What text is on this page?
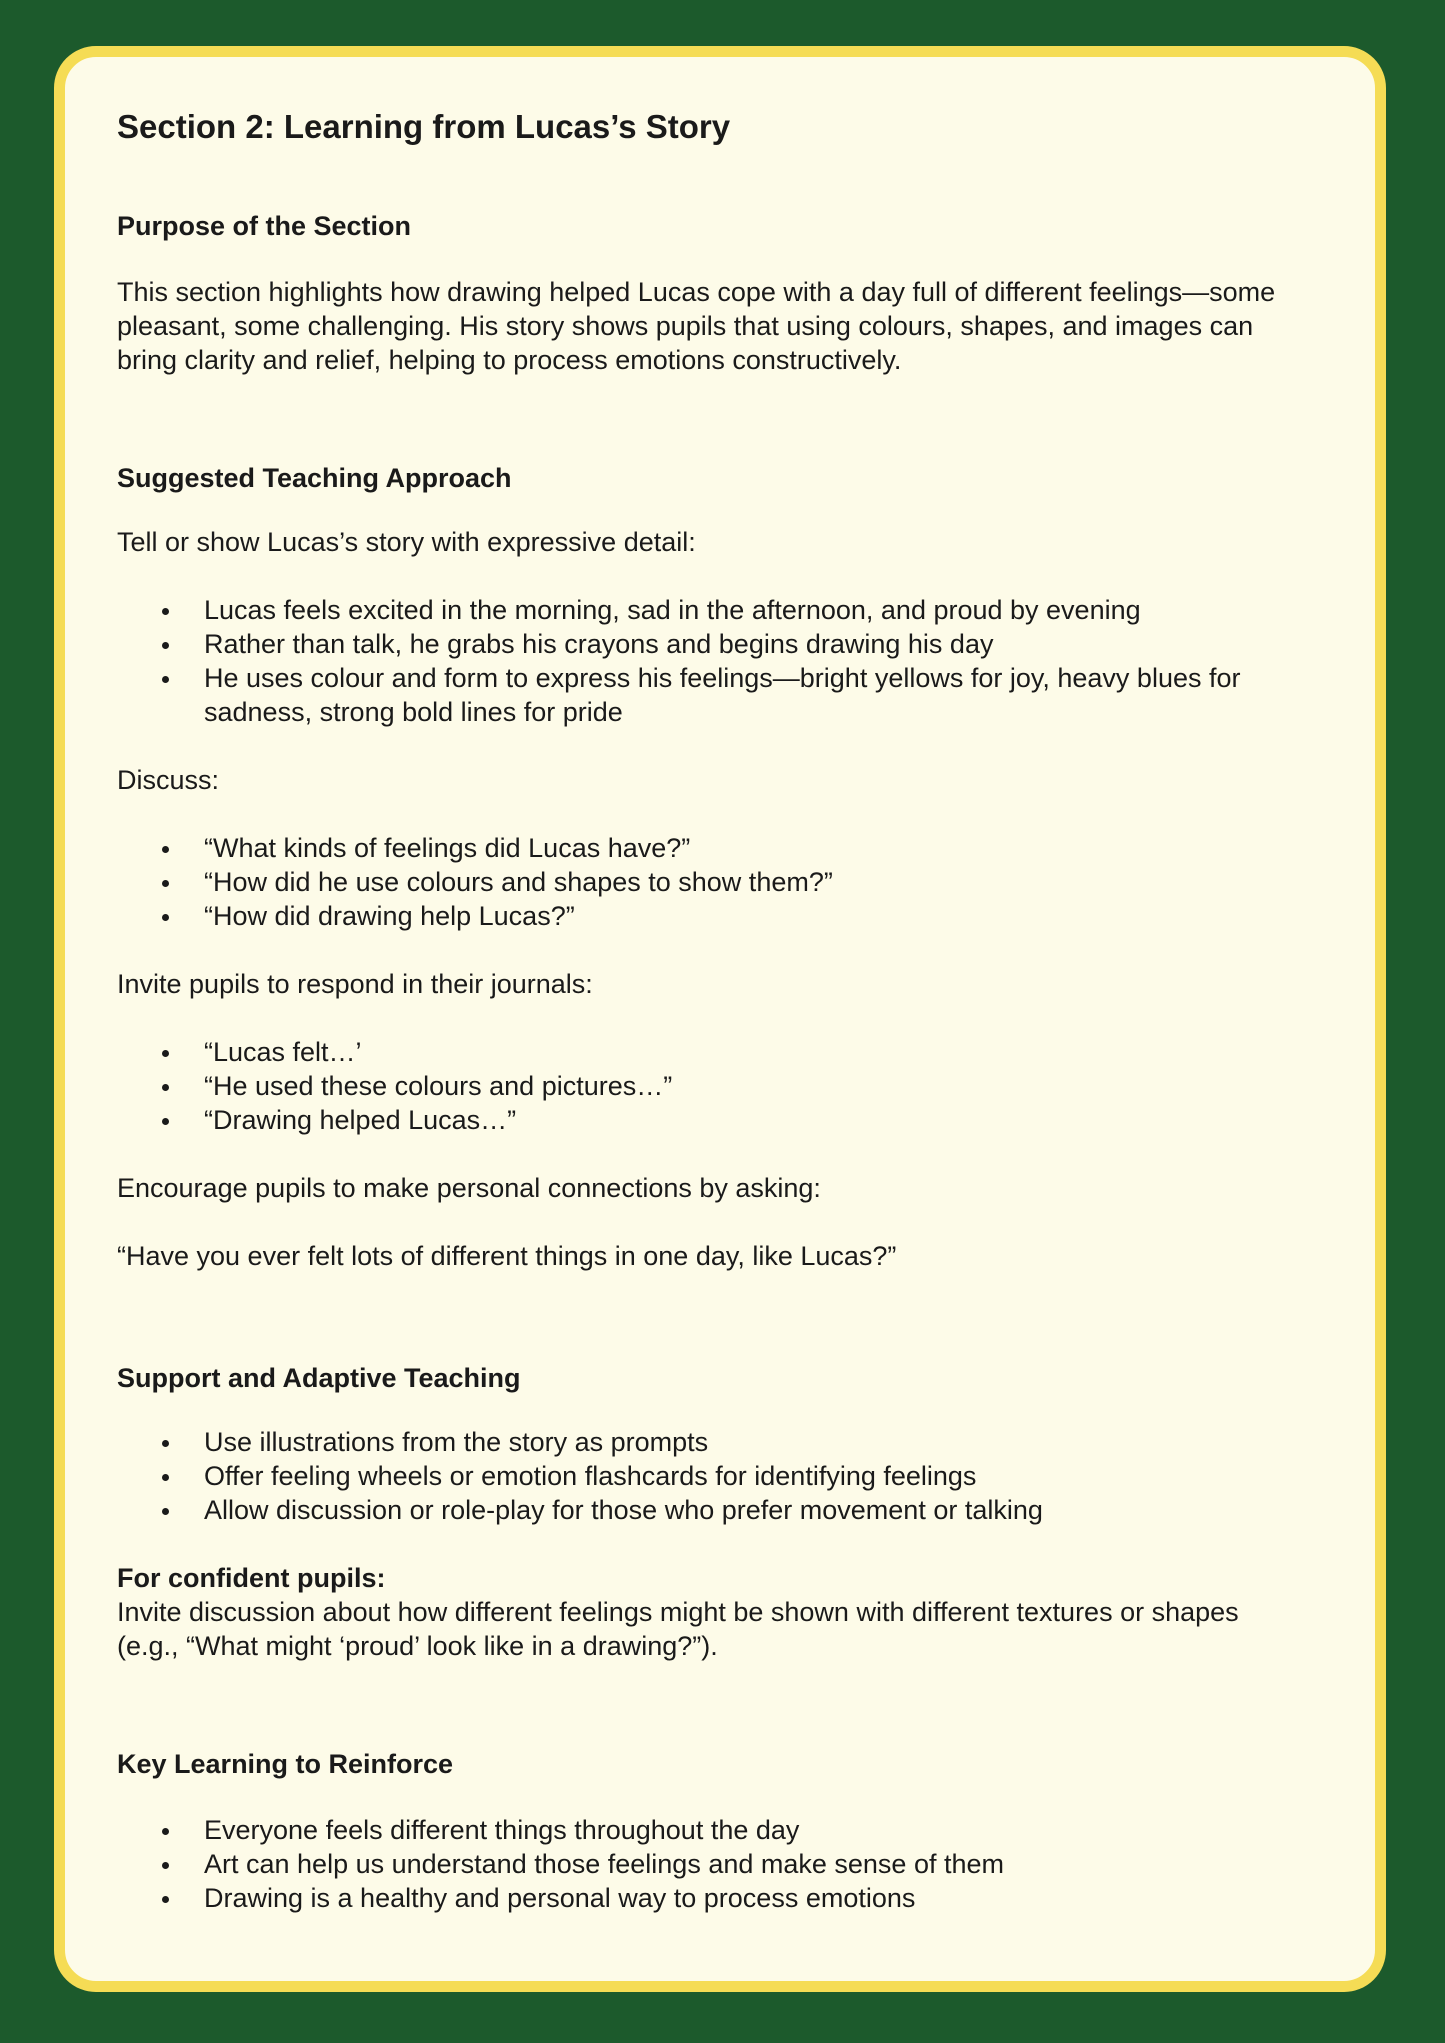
Section 2: Learning from Lucas’s Story
Purpose of the Section

This section highlights how drawing helped Lucas cope with a day full of different feelings—some pleasant, some challenging. His story shows pupils that using colours, shapes, and images can bring clarity and relief, helping to process emotions constructively.

Suggested Teaching Approach

Tell or show Lucas’s story with expressive detail:

Lucas feels excited in the morning, sad in the afternoon, and proud by evening
Rather than talk, he grabs his crayons and begins drawing his day
He uses colour and form to express his feelings—bright yellows for joy, heavy blues for sadness, strong bold lines for pride

Discuss:

“What kinds of feelings did Lucas have?”
“How did he use colours and shapes to show them?”
“How did drawing help Lucas?”

Invite pupils to respond in their journals:

“Lucas felt…’
“He used these colours and pictures…”
“Drawing helped Lucas…”

Encourage pupils to make personal connections by asking:

“Have you ever felt lots of different things in one day, like Lucas?”

Support and Adaptive Teaching
Use illustrations from the story as prompts
Offer feeling wheels or emotion flashcards for identifying feelings
Allow discussion or role-play for those who prefer movement or talking

For confident pupils:
Invite discussion about how different feelings might be shown with different textures or shapes (e.g., “What might ‘proud’ look like in a drawing?”).

Key Learning to Reinforce
Everyone feels different things throughout the day
Art can help us understand those feelings and make sense of them
Drawing is a healthy and personal way to process emotions
